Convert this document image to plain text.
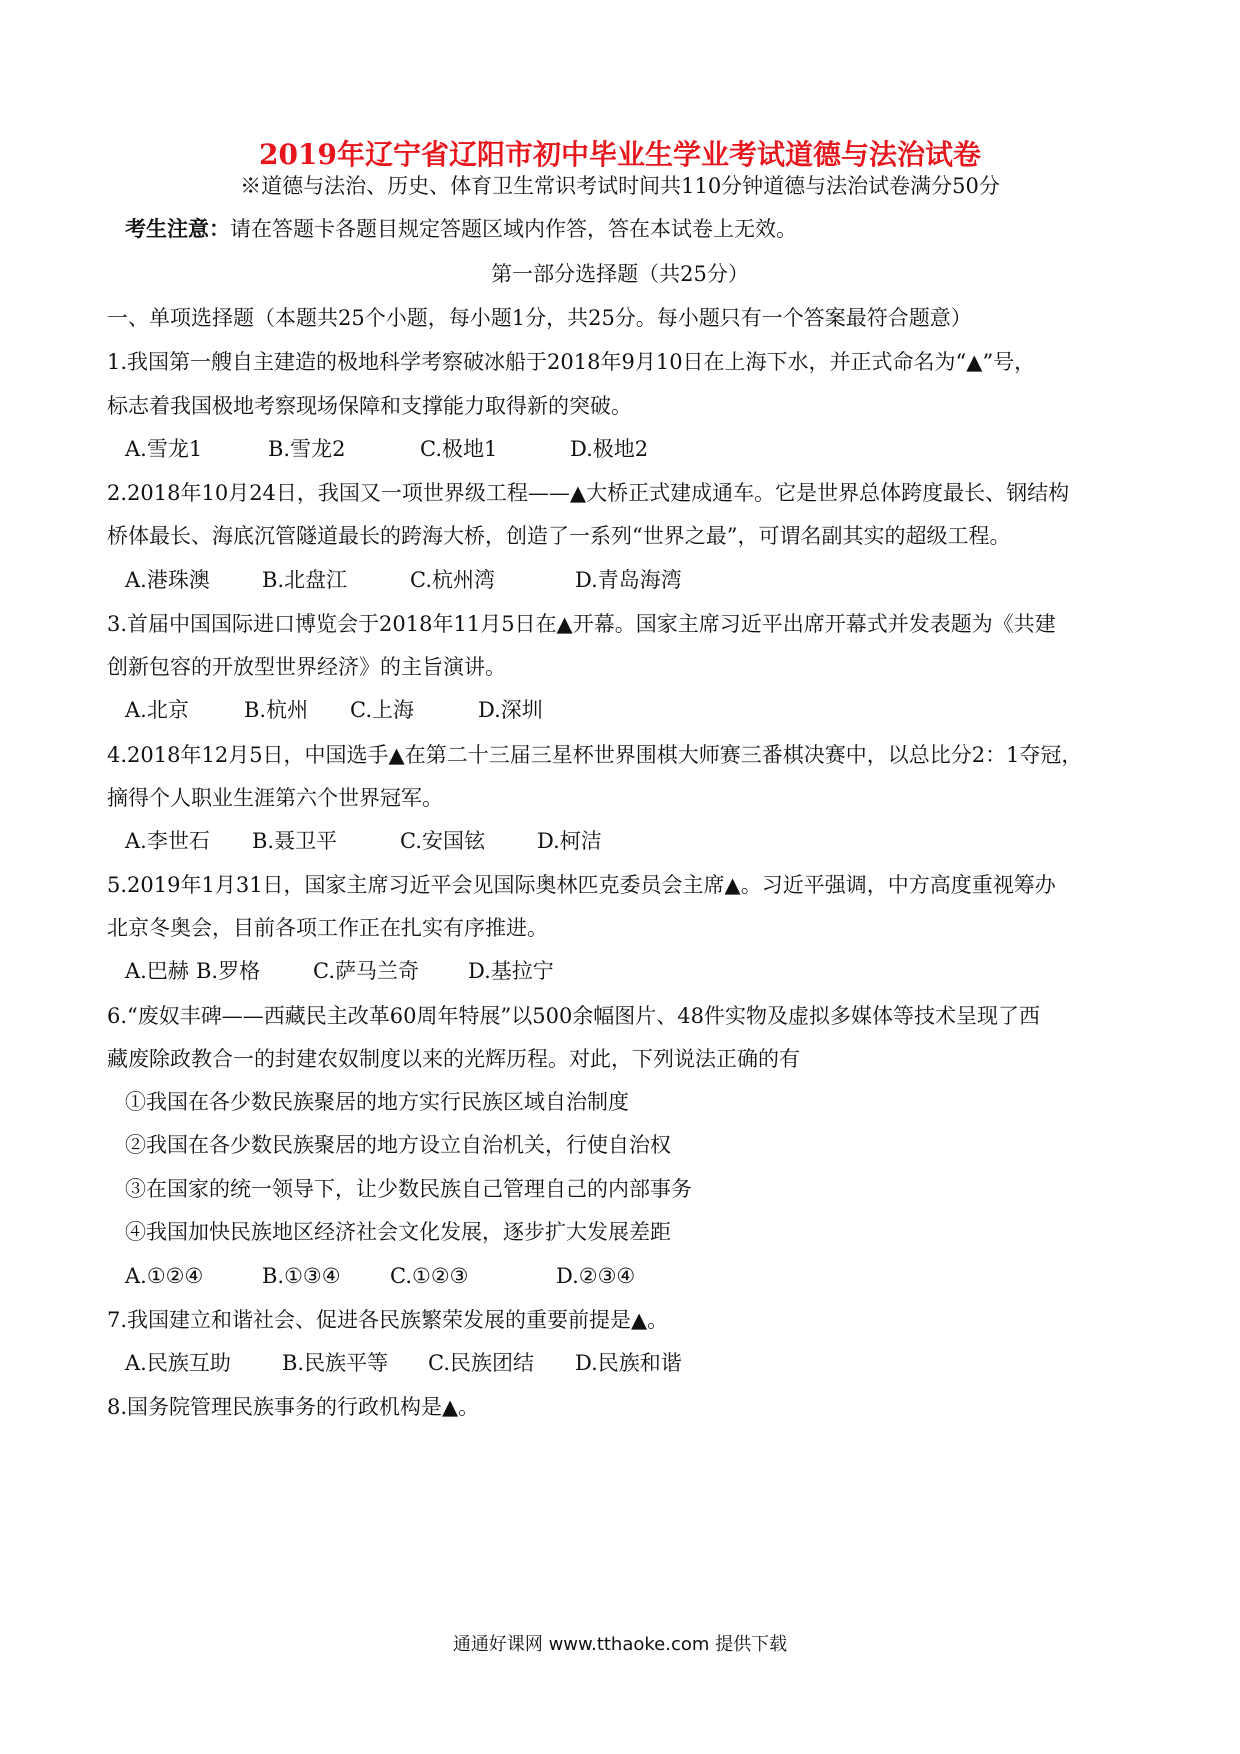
2019年辽宁省辽阳市初中毕业生学业考试道德与法治试卷
※道德与法治、历史、体育卫生常识考试时间共110分钟道德与法治试卷满分50分
考生注意：请在答题卡各题目规定答题区域内作答，答在本试卷上无效。
第一部分选择题（共25分）
一、单项选择题（本题共25个小题，每小题1分，共25分。每小题只有一个答案最符合题意）
1.我国第一艘自主建造的极地科学考察破冰船于2018年9月10日在上海下水，并正式命名为“▲”号，
标志着我国极地考察现场保障和支撑能力取得新的突破。
A.雪龙1	B.雪龙2	C.极地1	D.极地2
2.2018年10月24日，我国又一项世界级工程——▲大桥正式建成通车。它是世界总体跨度最长、钢结构
桥体最长、海底沉管隧道最长的跨海大桥，创造了一系列“世界之最”，可谓名副其实的超级工程。
A.港珠澳 B.北盘江	C.杭州湾	D.青岛海湾
3.首届中国国际进口博览会于2018年11月5日在▲开幕。国家主席习近平出席开幕式并发表题为《共建
创新包容的开放型世界经济》的主旨演讲。
A.北京	B.杭州 C.上海	D.深圳
4.2018年12月5日，中国选手▲在第二十三届三星杯世界围棋大师赛三番棋决赛中，以总比分2：1夺冠，
摘得个人职业生涯第六个世界冠军。
A.李世石 B.聂卫平	C.安国铉 D.柯洁
5.2019年1月31日，国家主席习近平会见国际奥林匹克委员会主席▲。习近平强调，中方高度重视筹办
北京冬奥会，目前各项工作正在扎实有序推进。
A.巴赫 B.罗格	C.萨马兰奇 D.基拉宁
6.“废奴丰碑——西藏民主改革60周年特展”以500余幅图片、48件实物及虚拟多媒体等技术呈现了西
藏废除政教合一的封建农奴制度以来的光辉历程。对此，下列说法正确的有
①我国在各少数民族聚居的地方实行民族区域自治制度
②我国在各少数民族聚居的地方设立自治机关，行使自治权
③在国家的统一领导下，让少数民族自己管理自己的内部事务
④我国加快民族地区经济社会文化发展，逐步扩大发展差距
A.①②④	B.①③④ C.①②③	D.②③④
7.我国建立和谐社会、促进各民族繁荣发展的重要前提是▲。
A.民族互助 B.民族平等 C.民族团结 D.民族和谐
8.国务院管理民族事务的行政机构是▲。
通通好课网 www.tthaoke.com 提供下载
